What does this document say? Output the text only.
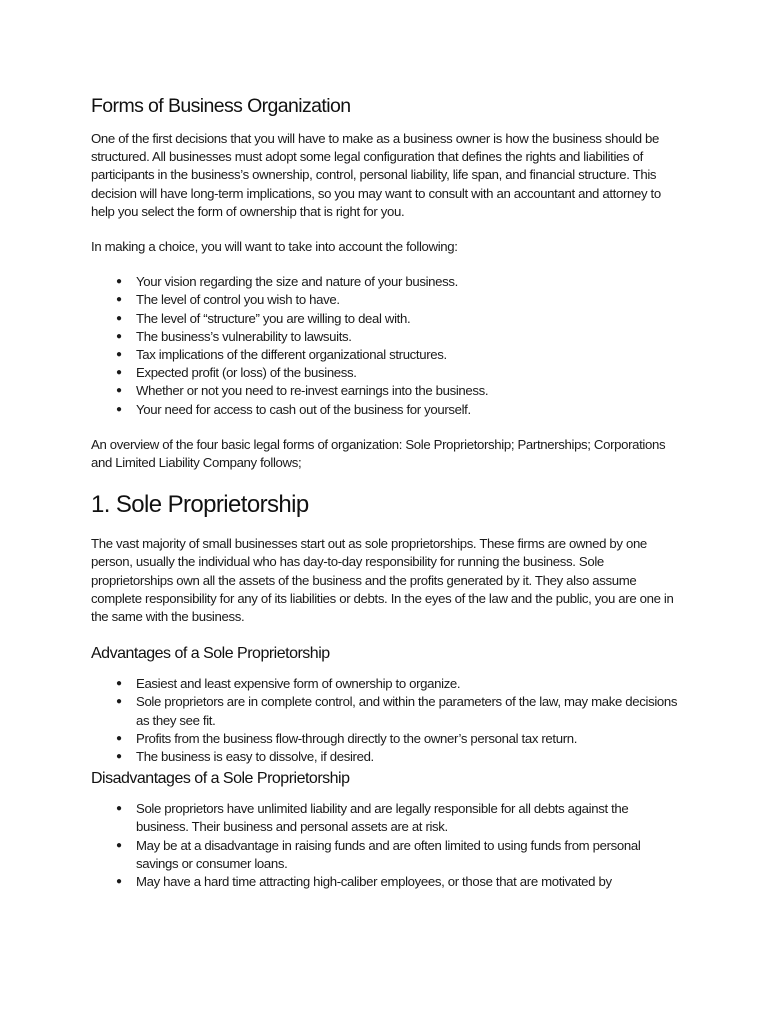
Forms of Business Organization

One of the first decisions that you will have to make as a business owner is how the business should be structured. All businesses must adopt some legal configuration that defines the rights and liabilities of participants in the business’s ownership, control, personal liability, life span, and financial structure. This decision will have long-term implications, so you may want to consult with an accountant and attorney to help you select the form of ownership that is right for you.

In making a choice, you will want to take into account the following:

● Your vision regarding the size and nature of your business.
● The level of control you wish to have.
● The level of “structure” you are willing to deal with.
● The business’s vulnerability to lawsuits.
● Tax implications of the different organizational structures.
● Expected profit (or loss) of the business.
● Whether or not you need to re-invest earnings into the business.
● Your need for access to cash out of the business for yourself.

An overview of the four basic legal forms of organization: Sole Proprietorship; Partnerships; Corporations and Limited Liability Company follows;

1. Sole Proprietorship

The vast majority of small businesses start out as sole proprietorships. These firms are owned by one person, usually the individual who has day-to-day responsibility for running the business. Sole proprietorships own all the assets of the business and the profits generated by it. They also assume complete responsibility for any of its liabilities or debts. In the eyes of the law and the public, you are one in the same with the business.

Advantages of a Sole Proprietorship
● Easiest and least expensive form of ownership to organize.
● Sole proprietors are in complete control, and within the parameters of the law, may make decisions as they see fit.
● Profits from the business flow-through directly to the owner’s personal tax return.
● The business is easy to dissolve, if desired.
Disadvantages of a Sole Proprietorship
● Sole proprietors have unlimited liability and are legally responsible for all debts against the business. Their business and personal assets are at risk.
● May be at a disadvantage in raising funds and are often limited to using funds from personal savings or consumer loans.
● May have a hard time attracting high-caliber employees, or those that are motivated by
